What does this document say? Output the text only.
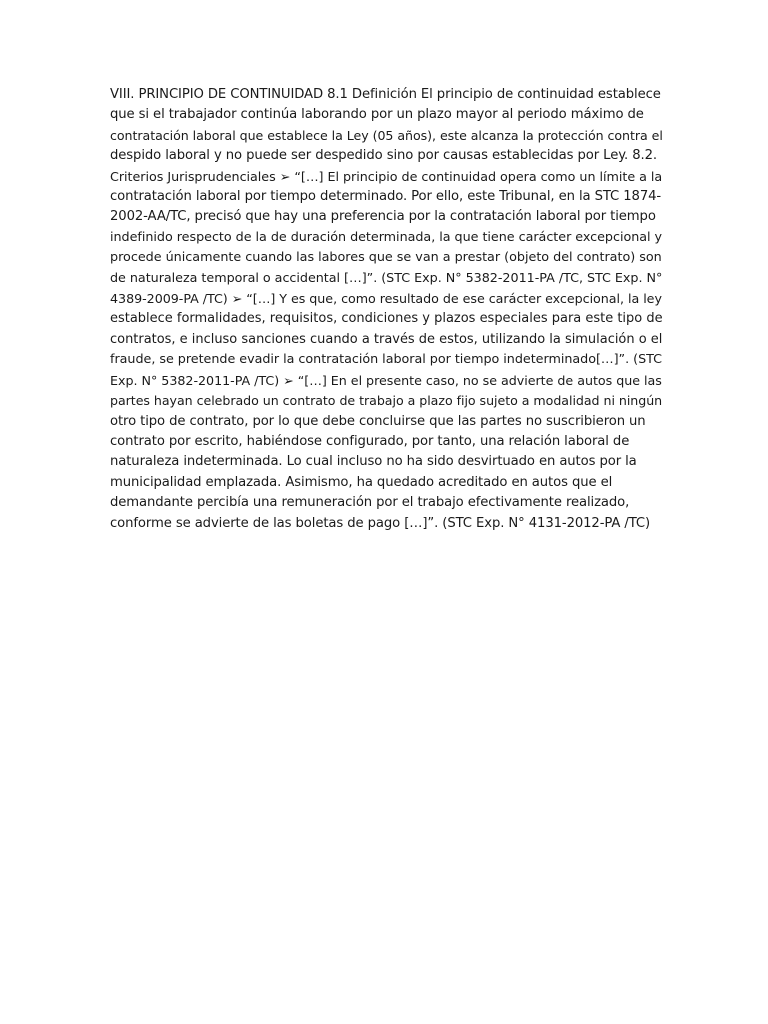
VIII. PRINCIPIO DE CONTINUIDAD 8.1 Definición El principio de continuidad establece
que si el trabajador continúa laborando por un plazo mayor al periodo máximo de
contratación laboral que establece la Ley (05 años), este alcanza la protección contra el
despido laboral y no puede ser despedido sino por causas establecidas por Ley. 8.2.
Criterios Jurisprudenciales ➢ “[…] El principio de continuidad opera como un límite a la
contratación laboral por tiempo determinado. Por ello, este Tribunal, en la STC 1874-
2002-AA/TC, precisó que hay una preferencia por la contratación laboral por tiempo
indefinido respecto de la de duración determinada, la que tiene carácter excepcional y
procede únicamente cuando las labores que se van a prestar (objeto del contrato) son
de naturaleza temporal o accidental […]”. (STC Exp. N° 5382-2011-PA /TC, STC Exp. N°
4389-2009-PA /TC) ➢ “[…] Y es que, como resultado de ese carácter excepcional, la ley
establece formalidades, requisitos, condiciones y plazos especiales para este tipo de
contratos, e incluso sanciones cuando a través de estos, utilizando la simulación o el
fraude, se pretende evadir la contratación laboral por tiempo indeterminado[…]”. (STC
Exp. N° 5382-2011-PA /TC) ➢ “[…] En el presente caso, no se advierte de autos que las
partes hayan celebrado un contrato de trabajo a plazo fijo sujeto a modalidad ni ningún
otro tipo de contrato, por lo que debe concluirse que las partes no suscribieron un
contrato por escrito, habiéndose configurado, por tanto, una relación laboral de
naturaleza indeterminada. Lo cual incluso no ha sido desvirtuado en autos por la
municipalidad emplazada. Asimismo, ha quedado acreditado en autos que el
demandante percibía una remuneración por el trabajo efectivamente realizado,
conforme se advierte de las boletas de pago […]”. (STC Exp. N° 4131-2012-PA /TC)
